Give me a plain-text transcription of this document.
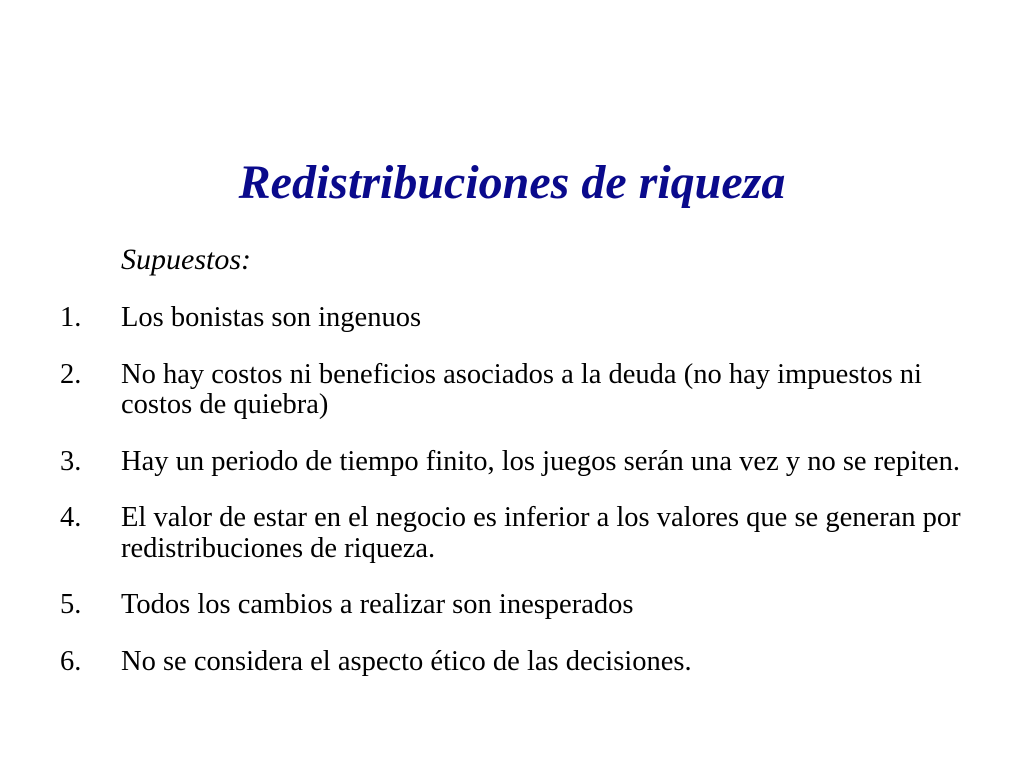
Redistribuciones de riqueza

Supuestos:

1. Los bonistas son ingenuos
2. No hay costos ni beneficios asociados a la deuda (no hay impuestos ni costos de quiebra)
3. Hay un periodo de tiempo finito, los juegos serán una vez y no se repiten.
4. El valor de estar en el negocio es inferior a los valores que se generan por redistribuciones de riqueza.
5. Todos los cambios a realizar son inesperados
6. No se considera el aspecto ético de las decisiones.
